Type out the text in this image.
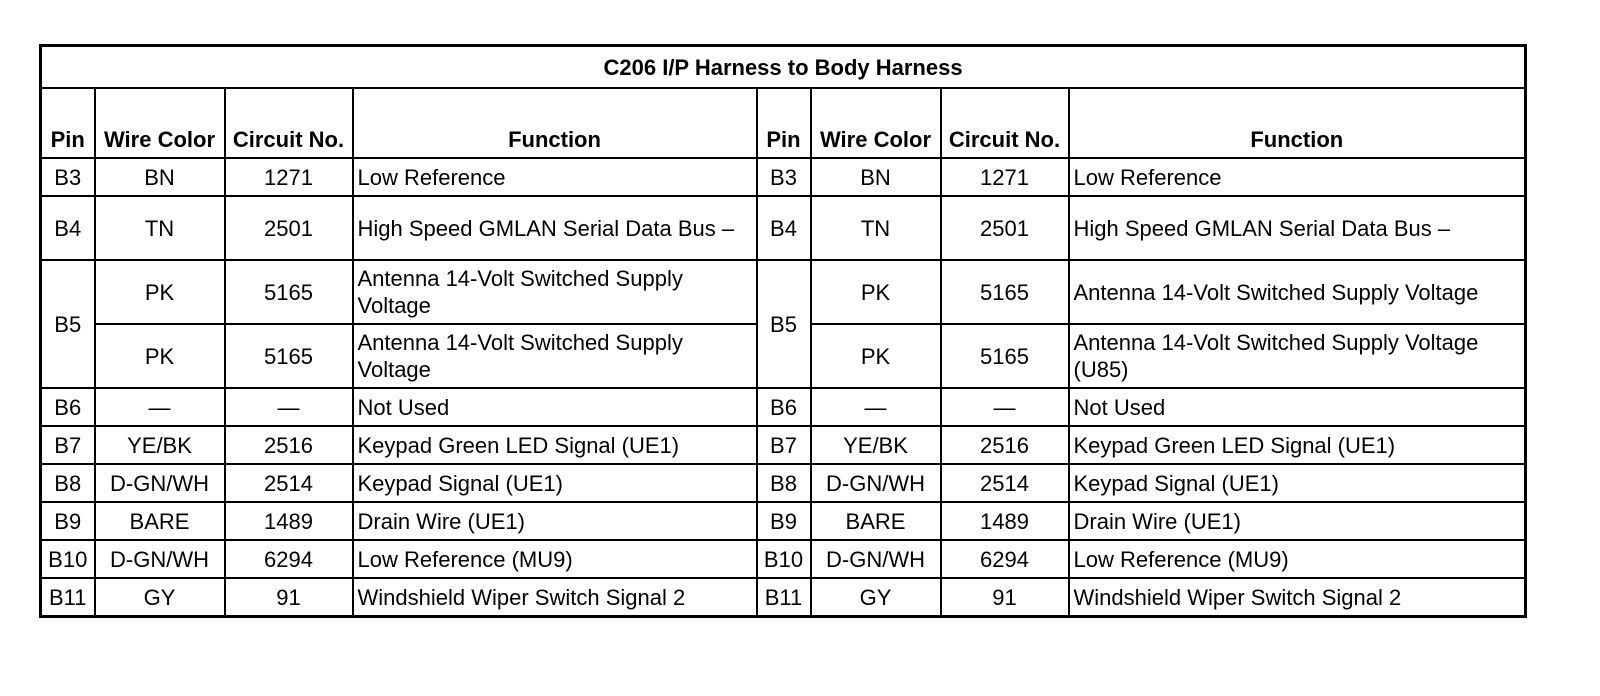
C206 I/P Harness to Body Harness							
Pin	Wire Color	Circuit No.	Function	Pin	Wire Color	Circuit No.	Function
B3	BN	1271	Low Reference	B3	BN	1271	Low Reference
B4	TN	2501	High Speed GMLAN Serial Data Bus –	B4	TN	2501	High Speed GMLAN Serial Data Bus –
B5	PK	5165	Antenna 14-Volt Switched Supply Voltage	B5	PK	5165	Antenna 14-Volt Switched Supply Voltage
	PK	5165	Antenna 14-Volt Switched Supply Voltage		PK	5165	Antenna 14-Volt Switched Supply Voltage (U85)
B6	—	—	Not Used	B6	—	—	Not Used
B7	YE/BK	2516	Keypad Green LED Signal (UE1)	B7	YE/BK	2516	Keypad Green LED Signal (UE1)
B8	D-GN/WH	2514	Keypad Signal (UE1)	B8	D-GN/WH	2514	Keypad Signal (UE1)
B9	BARE	1489	Drain Wire (UE1)	B9	BARE	1489	Drain Wire (UE1)
B10	D-GN/WH	6294	Low Reference (MU9)	B10	D-GN/WH	6294	Low Reference (MU9)
B11	GY	91	Windshield Wiper Switch Signal 2	B11	GY	91	Windshield Wiper Switch Signal 2
